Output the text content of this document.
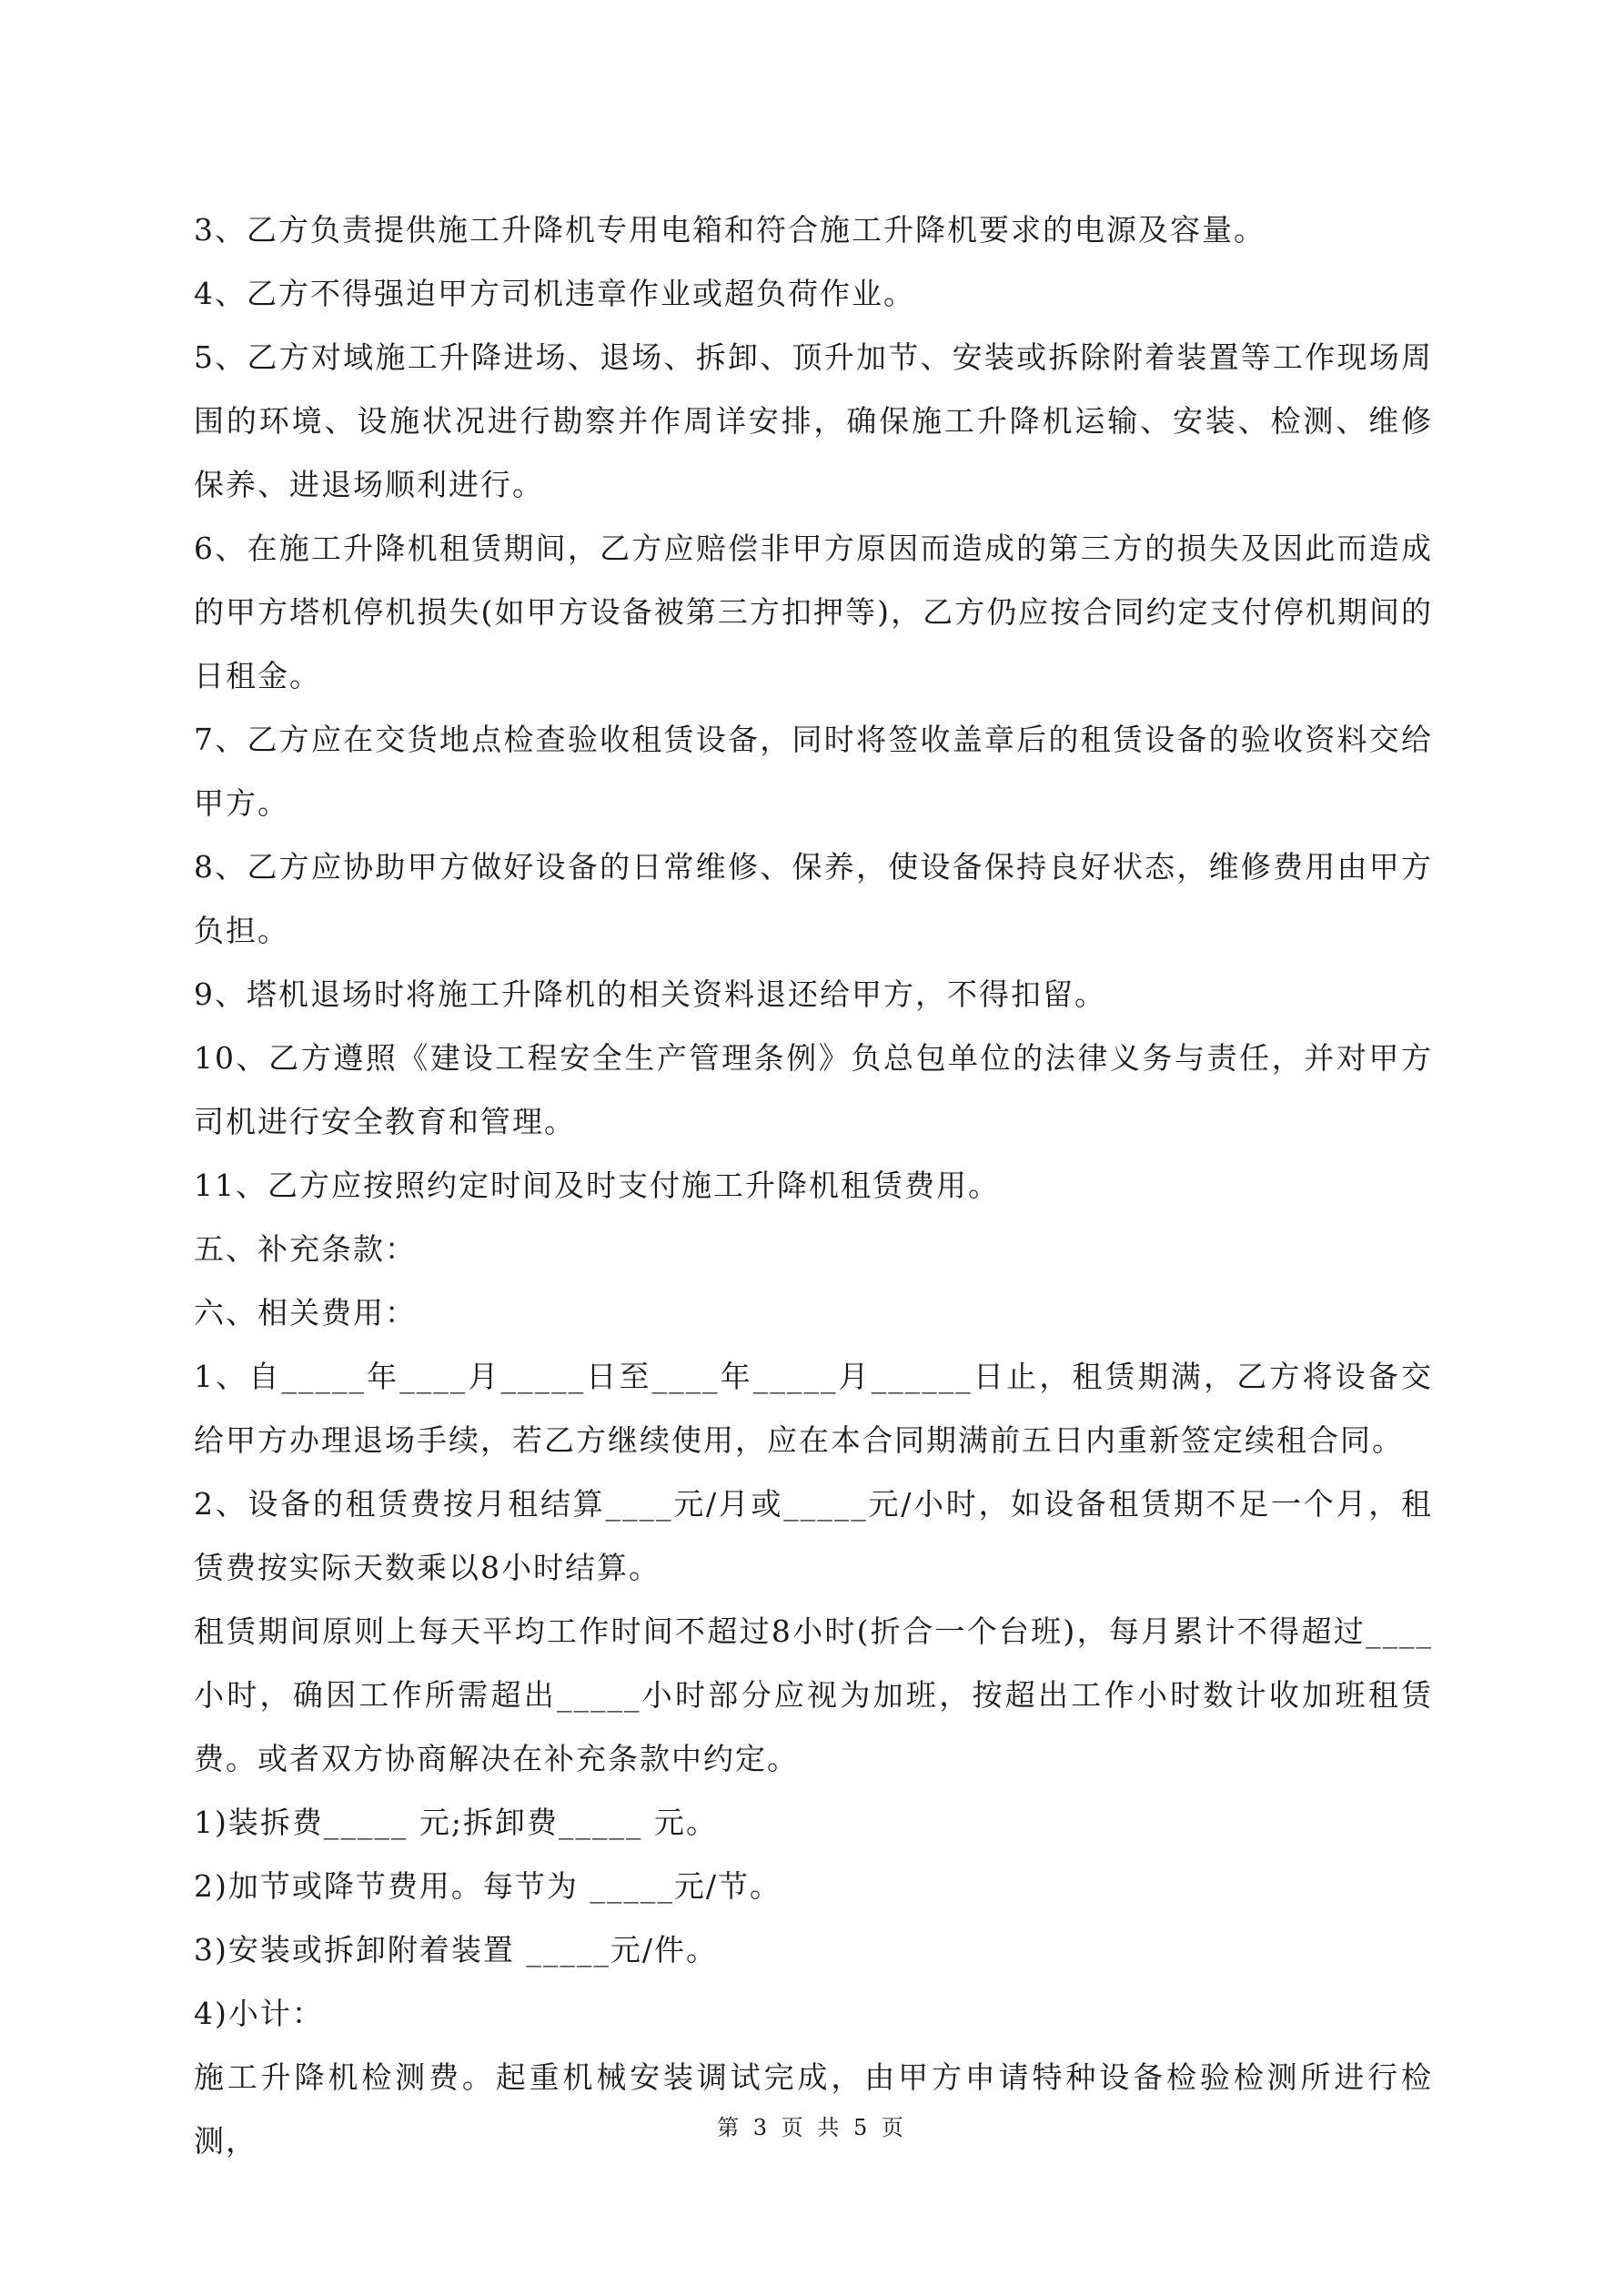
3、乙方负责提供施工升降机专用电箱和符合施工升降机要求的电源及容量。

4、乙方不得强迫甲方司机违章作业或超负荷作业。

5、乙方对域施工升降进场、退场、拆卸、顶升加节、安装或拆除附着装置等工作现场周围的环境、设施状况进行勘察并作周详安排，确保施工升降机运输、安装、检测、维修保养、进退场顺利进行。

6、在施工升降机租赁期间，乙方应赔偿非甲方原因而造成的第三方的损失及因此而造成的甲方塔机停机损失(如甲方设备被第三方扣押等)，乙方仍应按合同约定支付停机期间的日租金。

7、乙方应在交货地点检查验收租赁设备，同时将签收盖章后的租赁设备的验收资料交给甲方。

8、乙方应协助甲方做好设备的日常维修、保养，使设备保持良好状态，维修费用由甲方负担。

9、塔机退场时将施工升降机的相关资料退还给甲方，不得扣留。

10、乙方遵照《建设工程安全生产管理条例》负总包单位的法律义务与责任，并对甲方司机进行安全教育和管理。

11、乙方应按照约定时间及时支付施工升降机租赁费用。

五、补充条款：

六、相关费用：

1、自_____年____月_____日至____年_____月______日止，租赁期满，乙方将设备交给甲方办理退场手续，若乙方继续使用，应在本合同期满前五日内重新签定续租合同。

2、设备的租赁费按月租结算____元/月或_____元/小时，如设备租赁期不足一个月，租赁费按实际天数乘以8小时结算。

租赁期间原则上每天平均工作时间不超过8小时(折合一个台班)，每月累计不得超过____小时，确因工作所需超出_____小时部分应视为加班，按超出工作小时数计收加班租赁费。或者双方协商解决在补充条款中约定。

1)装拆费_____ 元;拆卸费_____ 元。

2)加节或降节费用。每节为 _____元/节。

3)安装或拆卸附着装置 _____元/件。

4)小计：

施工升降机检测费。起重机械安装调试完成，由甲方申请特种设备检验检测所进行检测，	第 3 页 共 5 页
